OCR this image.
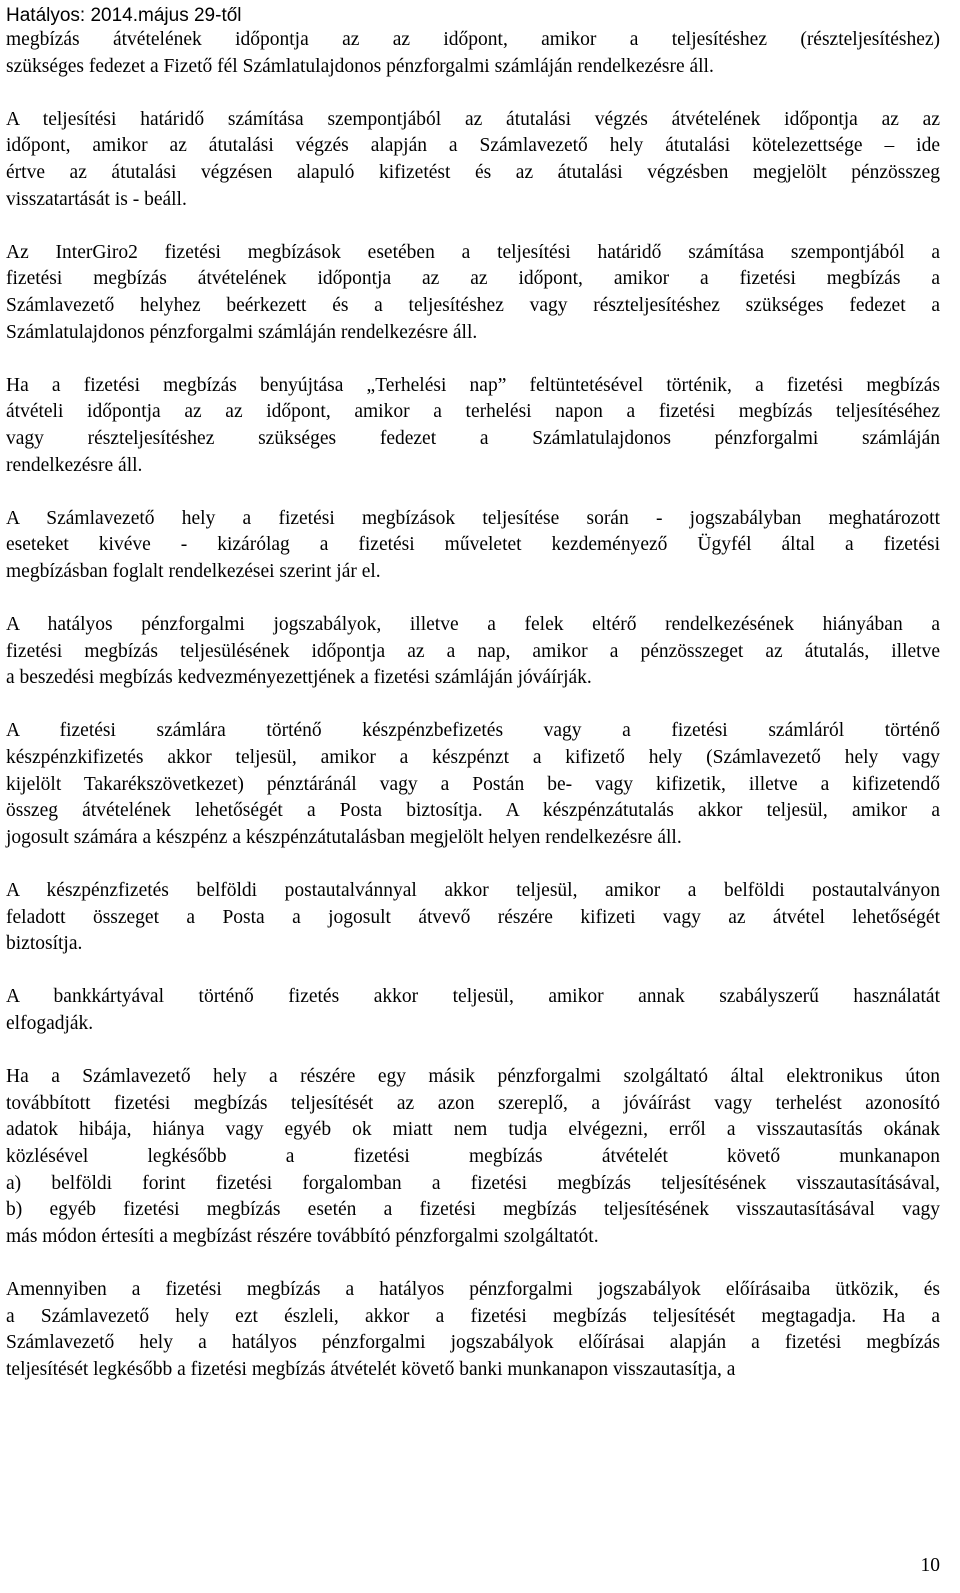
Hatályos: 2014.május 29-től

megbízás átvételének időpontja az az időpont, amikor a teljesítéshez (részteljesítéshez)
szükséges fedezet a Fizető fél Számlatulajdonos pénzforgalmi számláján rendelkezésre áll.

A teljesítési határidő számítása szempontjából az átutalási végzés átvételének időpontja az az
időpont, amikor az átutalási végzés alapján a Számlavezető hely átutalási kötelezettsége – ide
értve az átutalási végzésen alapuló kifizetést és az átutalási végzésben megjelölt pénzösszeg
visszatartását is - beáll.

Az InterGiro2 fizetési megbízások esetében a teljesítési határidő számítása szempontjából a
fizetési megbízás átvételének időpontja az az időpont, amikor a fizetési megbízás a
Számlavezető helyhez beérkezett és a teljesítéshez vagy részteljesítéshez szükséges fedezet a
Számlatulajdonos pénzforgalmi számláján rendelkezésre áll.

Ha a fizetési megbízás benyújtása „Terhelési nap” feltüntetésével történik, a fizetési megbízás
átvételi időpontja az az időpont, amikor a terhelési napon a fizetési megbízás teljesítéséhez
vagy részteljesítéshez szükséges fedezet a Számlatulajdonos pénzforgalmi számláján
rendelkezésre áll.

A Számlavezető hely a fizetési megbízások teljesítése során - jogszabályban meghatározott
eseteket kivéve - kizárólag a fizetési műveletet kezdeményező Ügyfél által a fizetési
megbízásban foglalt rendelkezései szerint jár el.

A hatályos pénzforgalmi jogszabályok, illetve a felek eltérő rendelkezésének hiányában a
fizetési megbízás teljesülésének időpontja az a nap, amikor a pénzösszeget az átutalás, illetve
a beszedési megbízás kedvezményezettjének a fizetési számláján jóváírják.

A fizetési számlára történő készpénzbefizetés vagy a fizetési számláról történő
készpénzkifizetés akkor teljesül, amikor a készpénzt a kifizető hely (Számlavezető hely vagy
kijelölt Takarékszövetkezet) pénztáránál vagy a Postán be- vagy kifizetik, illetve a kifizetendő
összeg átvételének lehetőségét a Posta biztosítja. A készpénzátutalás akkor teljesül, amikor a
jogosult számára a készpénz a készpénzátutalásban megjelölt helyen rendelkezésre áll.

A készpénzfizetés belföldi postautalvánnyal akkor teljesül, amikor a belföldi postautalványon
feladott összeget a Posta a jogosult átvevő részére kifizeti vagy az átvétel lehetőségét
biztosítja.

A bankkártyával történő fizetés akkor teljesül, amikor annak szabályszerű használatát
elfogadják.

Ha a Számlavezető hely a részére egy másik pénzforgalmi szolgáltató által elektronikus úton
továbbított fizetési megbízás teljesítését az azon szereplő, a jóváírást vagy terhelést azonosító
adatok hibája, hiánya vagy egyéb ok miatt nem tudja elvégezni, erről a visszautasítás okának
közlésével legkésőbb a fizetési megbízás átvételét követő munkanapon
a) belföldi forint fizetési forgalomban a fizetési megbízás teljesítésének visszautasításával,
b) egyéb fizetési megbízás esetén a fizetési megbízás teljesítésének visszautasításával vagy
más módon értesíti a megbízást részére továbbító pénzforgalmi szolgáltatót.

Amennyiben a fizetési megbízás a hatályos pénzforgalmi jogszabályok előírásaiba ütközik, és
a Számlavezető hely ezt észleli, akkor a fizetési megbízás teljesítését megtagadja. Ha a
Számlavezető hely a hatályos pénzforgalmi jogszabályok előírásai alapján a fizetési megbízás
teljesítését legkésőbb a fizetési megbízás átvételét követő banki munkanapon visszautasítja, a

10
